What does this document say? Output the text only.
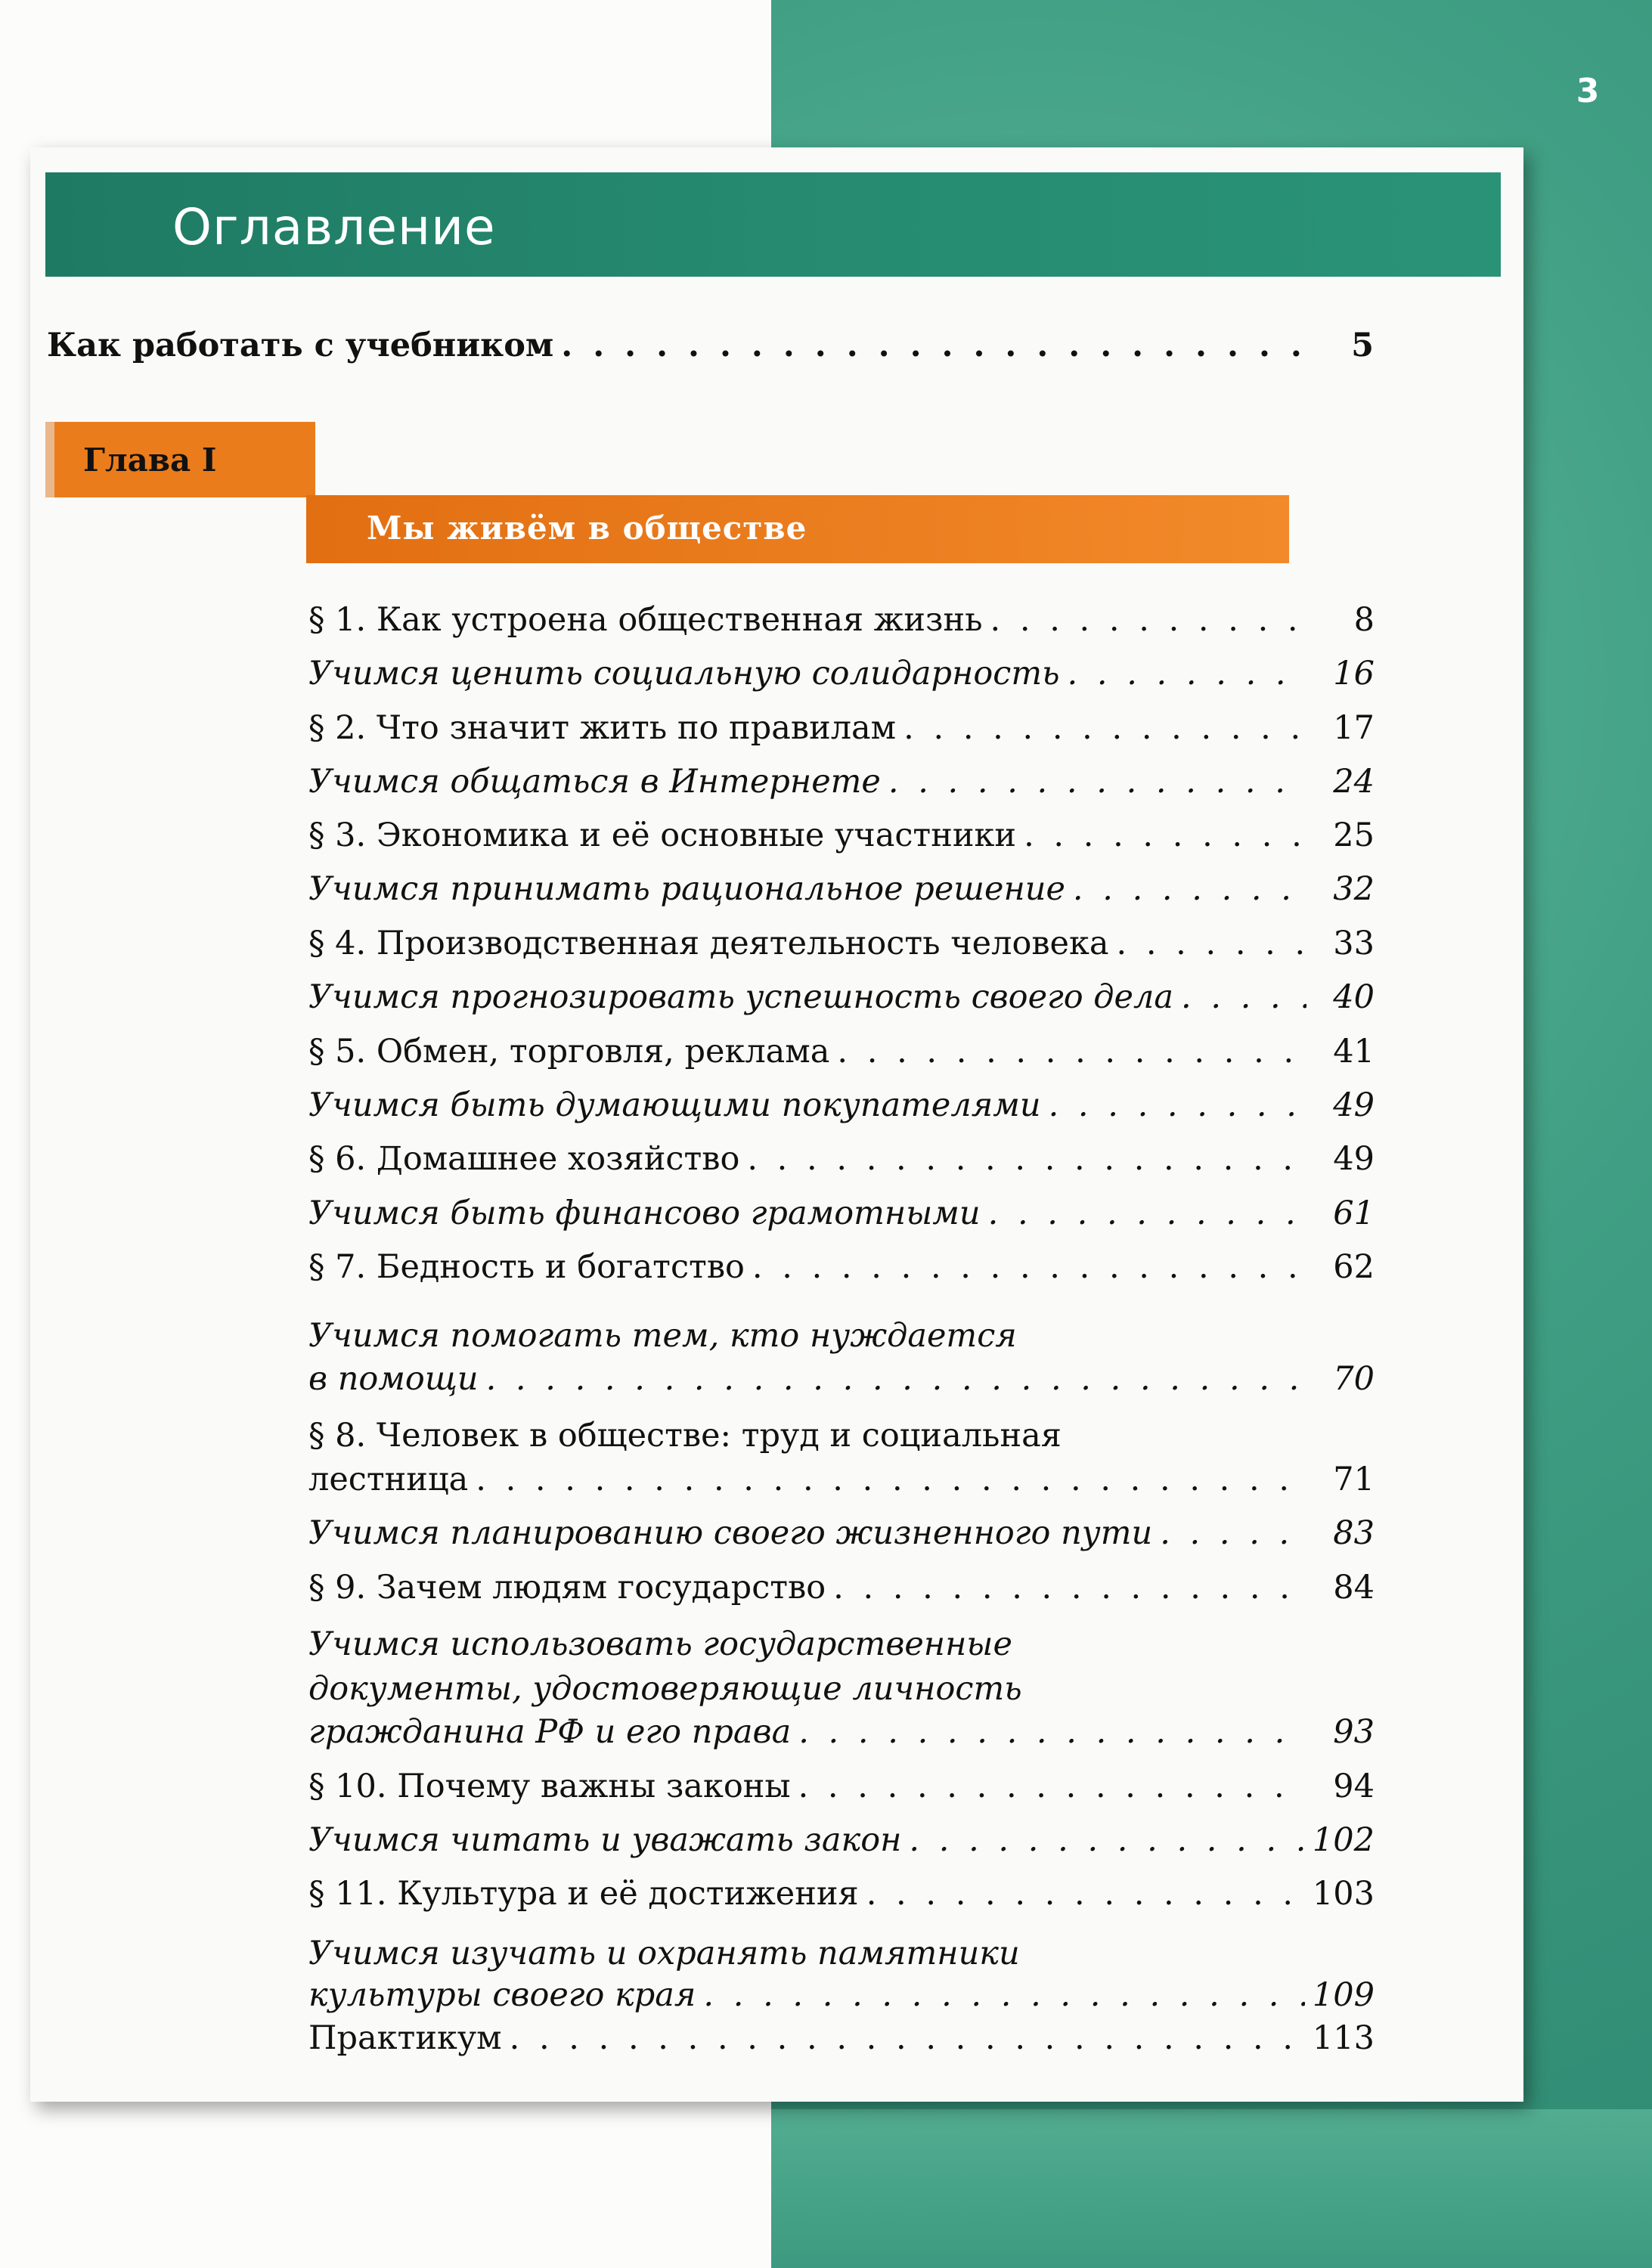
3
Оглавление
Как работать с учебником . . .	5
Глава I
Мы живём в обществе
§ 1. Как устроена общественная жизнь . . .	8
Учимся ценить социальную солидарность . . .	16
§ 2. Что значит жить по правилам . . .	17
Учимся общаться в Интернете . . .	24
§ 3. Экономика и её основные участники . . .	25
Учимся принимать рациональное решение . . .	32
§ 4. Производственная деятельность человека . . .	33
Учимся прогнозировать успешность своего дела . . .	40
§ 5. Обмен, торговля, реклама . . .	41
Учимся быть думающими покупателями . . .	49
§ 6. Домашнее хозяйство . . .	49
Учимся быть финансово грамотными . . .	61
§ 7. Бедность и богатство . . .	62
Учимся помогать тем, кто нуждается
в помощи . . .	70
§ 8. Человек в обществе: труд и социальная
лестница . . .	71
Учимся планированию своего жизненного пути . . .	83
§ 9. Зачем людям государство . . .	84
Учимся использовать государственные
документы, удостоверяющие личность
гражданина РФ и его права . . .	93
§ 10. Почему важны законы . . .	94
Учимся читать и уважать закон . . .	102
§ 11. Культура и её достижения . . .	103
Учимся изучать и охранять памятники
культуры своего края . . .	109
Практикум . . .	113
